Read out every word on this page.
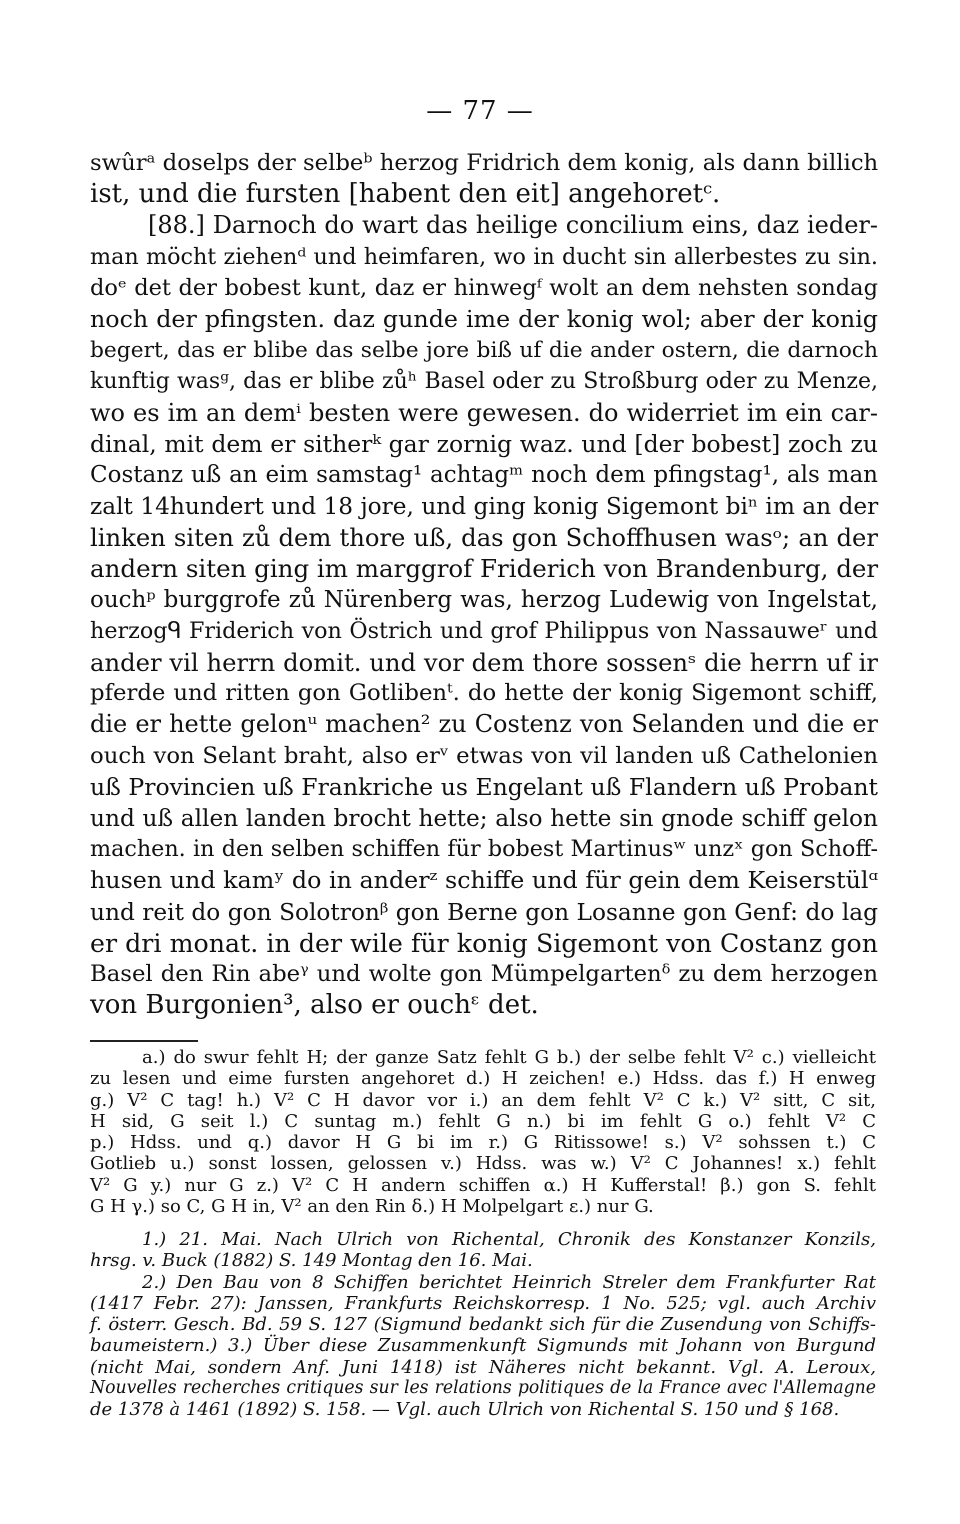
— 77 —
swûrᵃ doselps der selbeᵇ herzog Fridrich dem konig, als dann billich
ist, und die fursten [habent den eit] angehoretᶜ.
[88.] Darnoch do wart das heilige concilium eins, daz ieder-
man möcht ziehenᵈ und heimfaren, wo in ducht sin allerbestes zu sin.
doᵉ det der bobest kunt, daz er hinwegᶠ wolt an dem nehsten sondag
noch der pfingsten. daz gunde ime der konig wol; aber der konig
begert, das er blibe das selbe jore biß uf die ander ostern, die darnoch
kunftig wasᵍ, das er blibe zůʰ Basel oder zu Stroßburg oder zu Menze,
wo es im an demⁱ besten were gewesen. do widerriet im ein car-
dinal, mit dem er sitherᵏ gar zornig waz. und [der bobest] zoch zu
Costanz uß an eim samstag¹ achtagᵐ noch dem pfingstag¹, als man
zalt 14hundert und 18 jore, und ging konig Sigemont biⁿ im an der
linken siten zů dem thore uß, das gon Schoffhusen wasᵒ; an der
andern siten ging im marggrof Friderich von Brandenburg, der
ouchᵖ burggrofe zů Nürenberg was, herzog Ludewig von Ingelstat,
herzogᑫ Friderich von Östrich und grof Philippus von Nassauweʳ und
ander vil herrn domit. und vor dem thore sossenˢ die herrn uf ir
pferde und ritten gon Gotlibenᵗ. do hette der konig Sigemont schiff,
die er hette gelonᵘ machen² zu Costenz von Selanden und die er
ouch von Selant braht, also erᵛ etwas von vil landen uß Cathelonien
uß Provincien uß Frankriche us Engelant uß Flandern uß Probant
und uß allen landen brocht hette; also hette sin gnode schiff gelon
machen. in den selben schiffen für bobest Martinusʷ unzˣ gon Schoff-
husen und kamʸ do in anderᶻ schiffe und für gein dem Keiserstülᵅ
und reit do gon Solotronᵝ gon Berne gon Losanne gon Genf: do lag
er dri monat. in der wile für konig Sigemont von Costanz gon
Basel den Rin abeᵞ und wolte gon Mümpelgartenᵟ zu dem herzogen
von Burgonien³, also er ouchᵋ det.
a.) do swur fehlt H; der ganze Satz fehlt G b.) der selbe fehlt V² c.) vielleicht
zu lesen und eime fursten angehoret d.) H zeichen! e.) Hdss. das f.) H enweg
g.) V² C tag! h.) V² C H davor vor i.) an dem fehlt V² C k.) V² sitt, C sit,
H sid, G seit l.) C suntag m.) fehlt G n.) bi im fehlt G o.) fehlt V² C
p.) Hdss. und q.) davor H G bi im r.) G Ritissowe! s.) V² sohssen t.) C
Gotlieb u.) sonst lossen, gelossen v.) Hdss. was w.) V² C Johannes! x.) fehlt
V² G y.) nur G z.) V² C H andern schiffen α.) H Kufferstal! β.) gon S. fehlt
G H γ.) so C, G H in, V² an den Rin δ.) H Molpelgart ε.) nur G.
1.) 21. Mai. Nach Ulrich von Richental, Chronik des Konstanzer Konzils,
hrsg. v. Buck (1882) S. 149 Montag den 16. Mai.
2.) Den Bau von 8 Schiffen berichtet Heinrich Streler dem Frankfurter Rat
(1417 Febr. 27): Janssen, Frankfurts Reichskorresp. 1 No. 525; vgl. auch Archiv
f. österr. Gesch. Bd. 59 S. 127 (Sigmund bedankt sich für die Zusendung von Schiffs-
baumeistern.) 3.) Über diese Zusammenkunft Sigmunds mit Johann von Burgund
(nicht Mai, sondern Anf. Juni 1418) ist Näheres nicht bekannt. Vgl. A. Leroux,
Nouvelles recherches critiques sur les relations politiques de la France avec l'Allemagne
de 1378 à 1461 (1892) S. 158. — Vgl. auch Ulrich von Richental S. 150 und § 168.
